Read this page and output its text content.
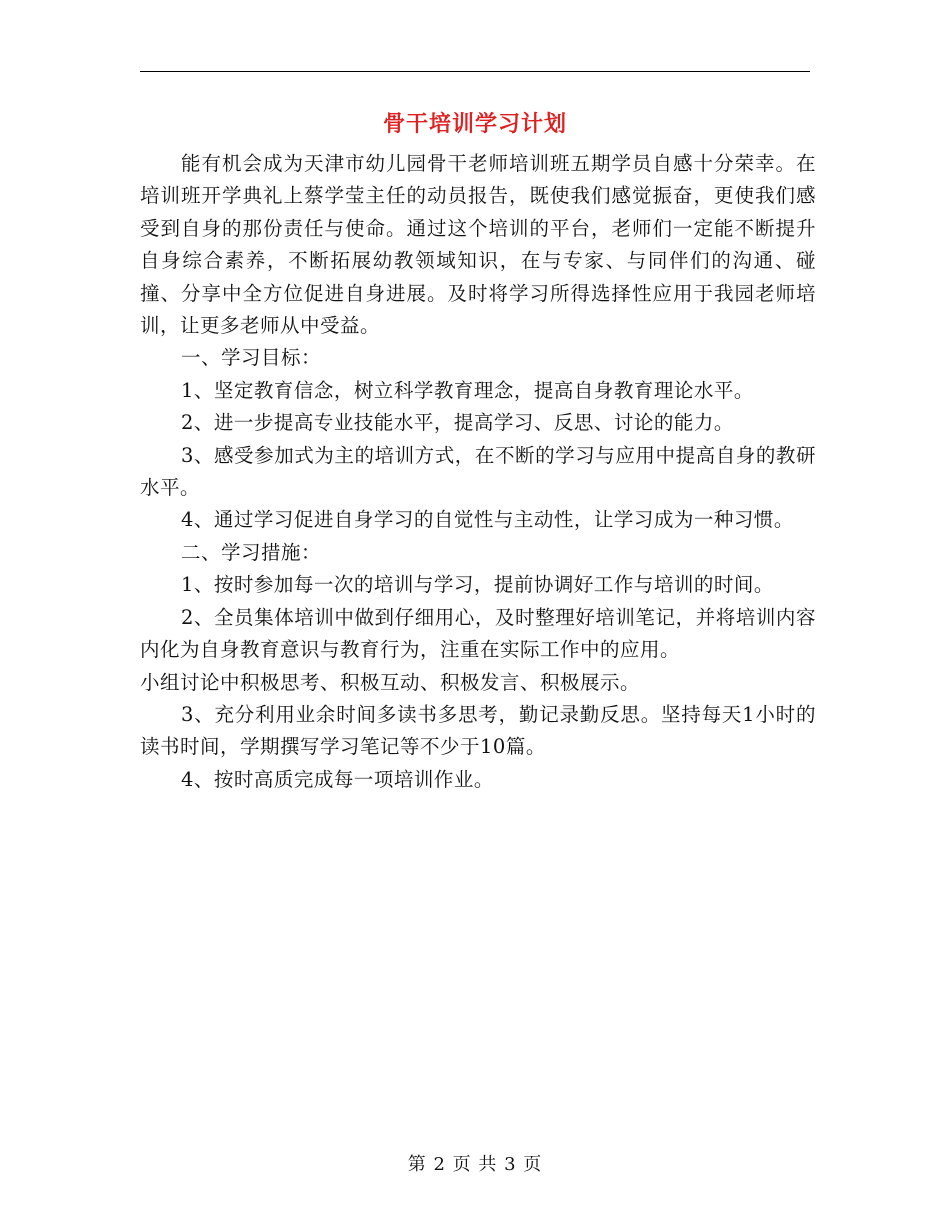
骨干培训学习计划

能有机会成为天津市幼儿园骨干老师培训班五期学员自感十分荣幸。在培训班开学典礼上蔡学莹主任的动员报告，既使我们感觉振奋，更使我们感受到自身的那份责任与使命。通过这个培训的平台，老师们一定能不断提升自身综合素养，不断拓展幼教领域知识，在与专家、与同伴们的沟通、碰撞、分享中全方位促进自身进展。及时将学习所得选择性应用于我园老师培训，让更多老师从中受益。

一、学习目标：

1、坚定教育信念，树立科学教育理念，提高自身教育理论水平。

2、进一步提高专业技能水平，提高学习、反思、讨论的能力。

3、感受参加式为主的培训方式，在不断的学习与应用中提高自身的教研水平。

4、通过学习促进自身学习的自觉性与主动性，让学习成为一种习惯。

二、学习措施：

1、按时参加每一次的培训与学习，提前协调好工作与培训的时间。

2、全员集体培训中做到仔细用心，及时整理好培训笔记，并将培训内容内化为自身教育意识与教育行为，注重在实际工作中的应用。

小组讨论中积极思考、积极互动、积极发言、积极展示。

3、充分利用业余时间多读书多思考，勤记录勤反思。坚持每天1小时的读书时间，学期撰写学习笔记等不少于10篇。

4、按时高质完成每一项培训作业。

第 2 页 共 3 页
